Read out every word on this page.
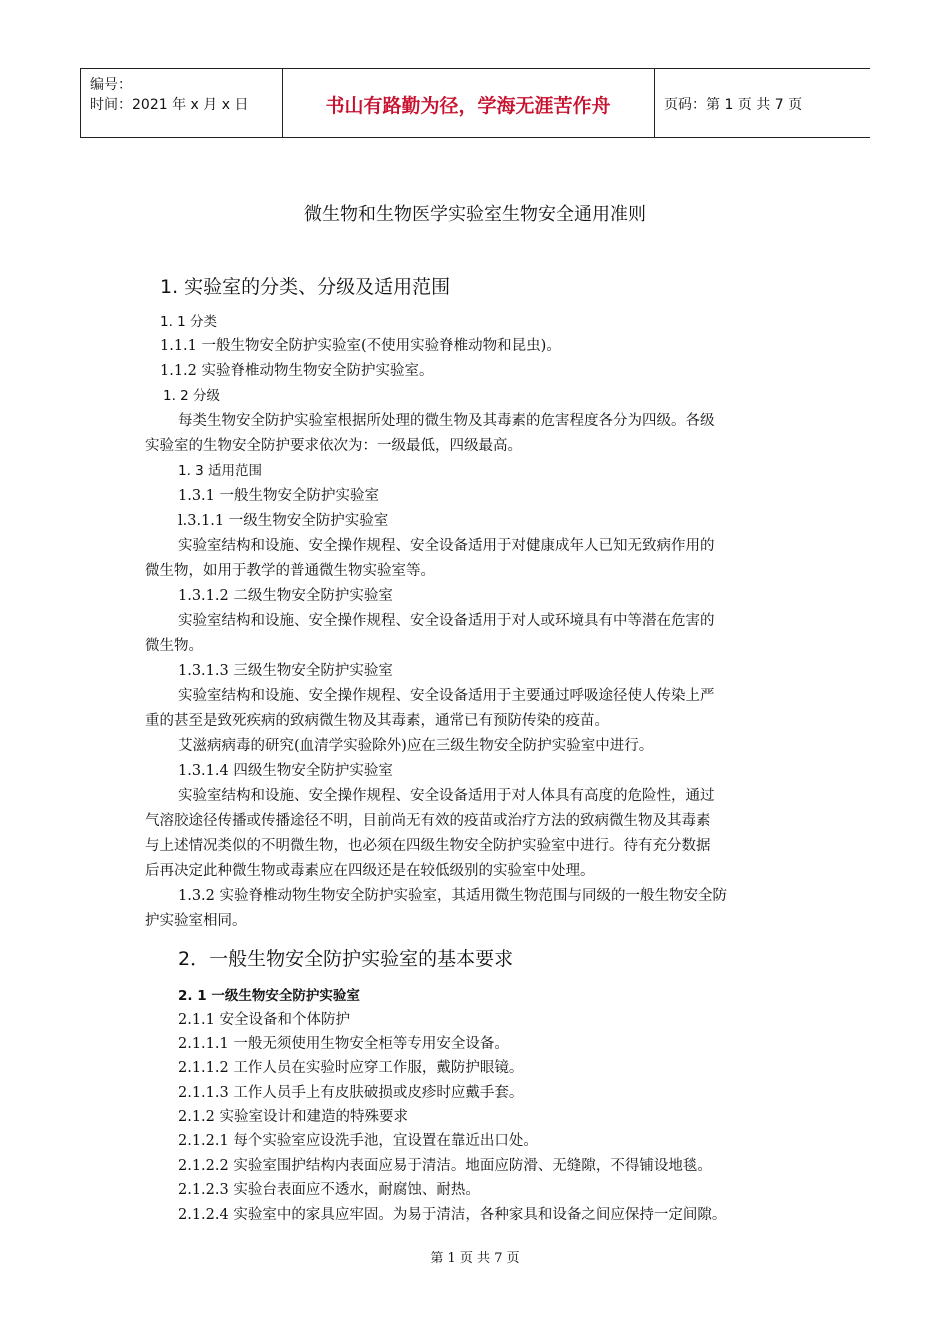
编号：
时间：2021 年 x 月 x 日	书山有路勤为径，学海无涯苦作舟	页码：第 1 页 共 7 页
微生物和生物医学实验室生物安全通用准则
1. 实验室的分类、分级及适用范围
1. 1 分类
1.1.1 一般生物安全防护实验室(不使用实验脊椎动物和昆虫)。
1.1.2 实验脊椎动物生物安全防护实验室。
1. 2 分级
每类生物安全防护实验室根据所处理的微生物及其毒素的危害程度各分为四级。各级
实验室的生物安全防护要求依次为：一级最低，四级最高。
1. 3 适用范围
1.3.1 一般生物安全防护实验室
l.3.1.1 一级生物安全防护实验室
实验室结构和设施、安全操作规程、安全设备适用于对健康成年人已知无致病作用的
微生物，如用于教学的普通微生物实验室等。
1.3.1.2 二级生物安全防护实验室
实验室结构和设施、安全操作规程、安全设备适用于对人或环境具有中等潜在危害的
微生物。
1.3.1.3 三级生物安全防护实验室
实验室结构和设施、安全操作规程、安全设备适用于主要通过呼吸途径使人传染上严
重的甚至是致死疾病的致病微生物及其毒素，通常已有预防传染的疫苗。
艾滋病病毒的研究(血清学实验除外)应在三级生物安全防护实验室中进行。
1.3.1.4 四级生物安全防护实验室
实验室结构和设施、安全操作规程、安全设备适用于对人体具有高度的危险性，通过
气溶胶途径传播或传播途径不明，目前尚无有效的疫苗或治疗方法的致病微生物及其毒素
与上述情况类似的不明微生物，也必须在四级生物安全防护实验室中进行。待有充分数据
后再决定此种微生物或毒素应在四级还是在较低级别的实验室中处理。
1.3.2 实验脊椎动物生物安全防护实验室，其适用微生物范围与同级的一般生物安全防
护实验室相同。
2．一般生物安全防护实验室的基本要求
2. 1 一级生物安全防护实验室
2.1.1 安全设备和个体防护
2.1.1.1 一般无须使用生物安全柜等专用安全设备。
2.1.1.2 工作人员在实验时应穿工作服，戴防护眼镜。
2.1.1.3 工作人员手上有皮肤破损或皮疹时应戴手套。
2.1.2 实验室设计和建造的特殊要求
2.1.2.1 每个实验室应设洗手池，宜设置在靠近出口处。
2.1.2.2 实验室围护结构内表面应易于清洁。地面应防滑、无缝隙，不得铺设地毯。
2.1.2.3 实验台表面应不透水，耐腐蚀、耐热。
2.1.2.4 实验室中的家具应牢固。为易于清洁，各种家具和设备之间应保持一定间隙。
第 1 页 共 7 页
